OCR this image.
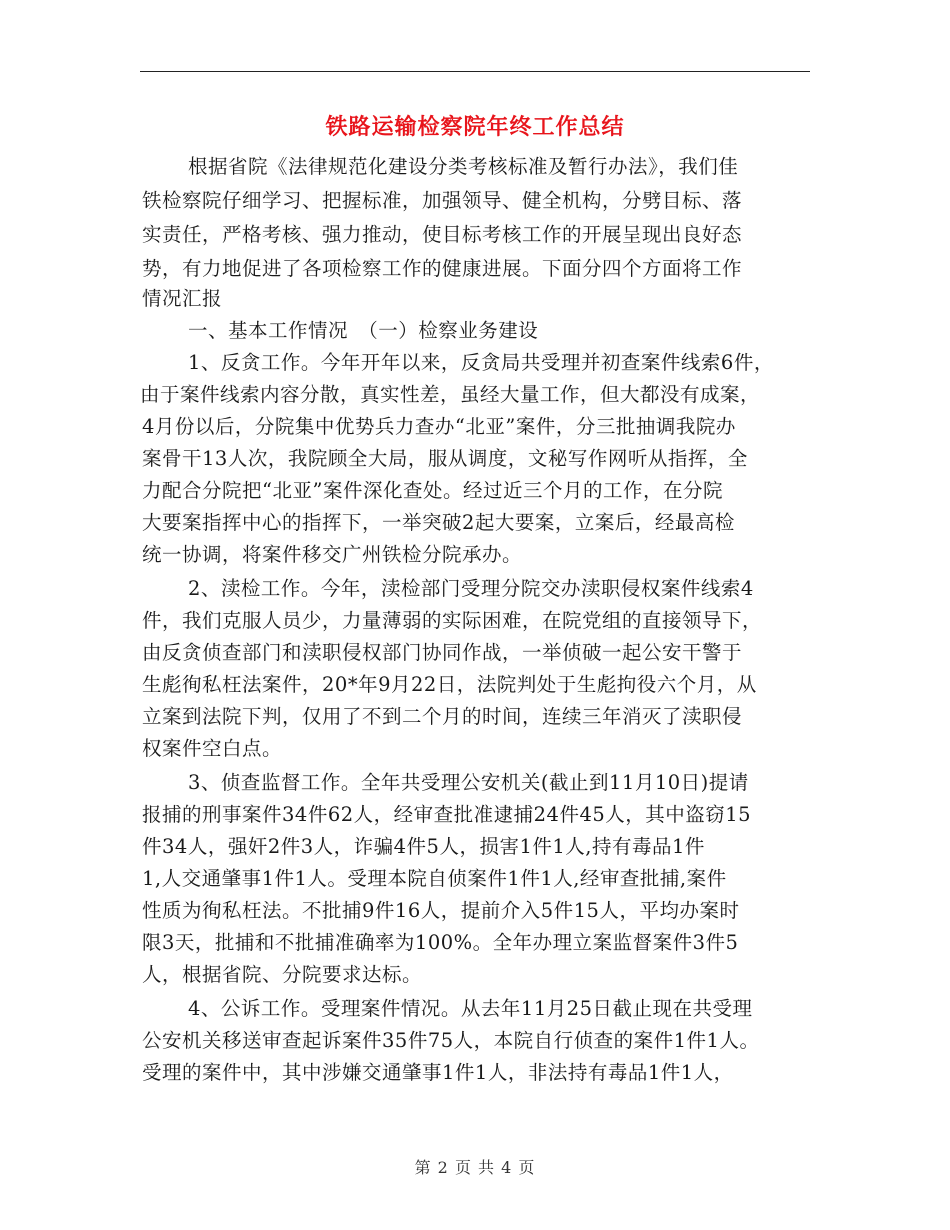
铁路运输检察院年终工作总结
根据省院《法律规范化建设分类考核标准及暂行办法》，我们佳
铁检察院仔细学习、把握标准，加强领导、健全机构，分劈目标、落
实责任，严格考核、强力推动，使目标考核工作的开展呈现出良好态
势，有力地促进了各项检察工作的健康进展。下面分四个方面将工作
情况汇报
一、基本工作情况　（一）检察业务建设
1、反贪工作。今年开年以来，反贪局共受理并初查案件线索6件，
由于案件线索内容分散，真实性差，虽经大量工作，但大都没有成案，
4月份以后，分院集中优势兵力查办“北亚”案件，分三批抽调我院办
案骨干13人次，我院顾全大局，服从调度，文秘写作网听从指挥，全
力配合分院把“北亚”案件深化查处。经过近三个月的工作，在分院
大要案指挥中心的指挥下，一举突破2起大要案，立案后，经最高检
统一协调，将案件移交广州铁检分院承办。
2、渎检工作。今年，渎检部门受理分院交办渎职侵权案件线索4
件，我们克服人员少，力量薄弱的实际困难，在院党组的直接领导下，
由反贪侦查部门和渎职侵权部门协同作战，一举侦破一起公安干警于
生彪徇私枉法案件，20*年9月22日，法院判处于生彪拘役六个月，从
立案到法院下判，仅用了不到二个月的时间，连续三年消灭了渎职侵
权案件空白点。
3、侦查监督工作。全年共受理公安机关(截止到11月10日)提请
报捕的刑事案件34件62人，经审查批准逮捕24件45人，其中盗窃15
件34人，强奸2件3人，诈骗4件5人，损害1件1人,持有毒品1件
1,人交通肇事1件1人。受理本院自侦案件1件1人,经审查批捕,案件
性质为徇私枉法。不批捕9件16人，提前介入5件15人，平均办案时
限3天，批捕和不批捕准确率为100%。全年办理立案监督案件3件5
人，根据省院、分院要求达标。
4、公诉工作。受理案件情况。从去年11月25日截止现在共受理
公安机关移送审查起诉案件35件75人，本院自行侦查的案件1件1人。
受理的案件中，其中涉嫌交通肇事1件1人，非法持有毒品1件1人，
第 2 页 共 4 页
